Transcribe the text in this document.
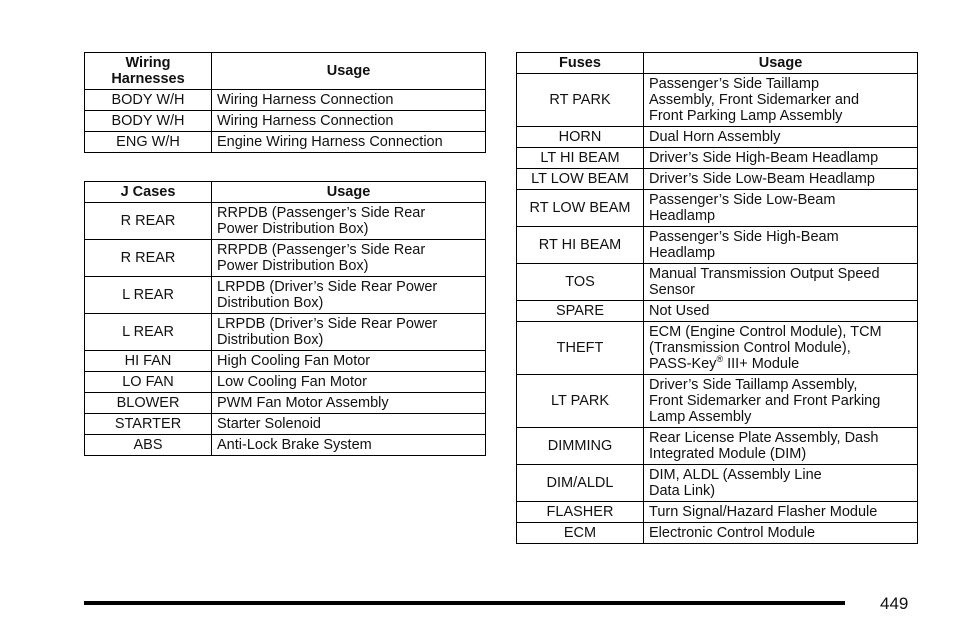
Wiring
Harnesses	Usage
BODY W/H	Wiring Harness Connection
BODY W/H	Wiring Harness Connection
ENG W/H	Engine Wiring Harness Connection
J Cases	Usage
R REAR	RRPDB (Passenger’s Side Rear
Power Distribution Box)
R REAR	RRPDB (Passenger’s Side Rear
Power Distribution Box)
L REAR	LRPDB (Driver’s Side Rear Power
Distribution Box)
L REAR	LRPDB (Driver’s Side Rear Power
Distribution Box)
HI FAN	High Cooling Fan Motor
LO FAN	Low Cooling Fan Motor
BLOWER	PWM Fan Motor Assembly
STARTER	Starter Solenoid
ABS	Anti-Lock Brake System
Fuses	Usage
RT PARK	Passenger’s Side Taillamp
Assembly, Front Sidemarker and
Front Parking Lamp Assembly
HORN	Dual Horn Assembly
LT HI BEAM	Driver’s Side High-Beam Headlamp
LT LOW BEAM	Driver’s Side Low-Beam Headlamp
RT LOW BEAM	Passenger’s Side Low-Beam
Headlamp
RT HI BEAM	Passenger’s Side High-Beam
Headlamp
TOS	Manual Transmission Output Speed
Sensor
SPARE	Not Used
THEFT	ECM (Engine Control Module), TCM
(Transmission Control Module),
PASS-Key® III+ Module
LT PARK	Driver’s Side Taillamp Assembly,
Front Sidemarker and Front Parking
Lamp Assembly
DIMMING	Rear License Plate Assembly, Dash
Integrated Module (DIM)
DIM/ALDL	DIM, ALDL (Assembly Line
Data Link)
FLASHER	Turn Signal/Hazard Flasher Module
ECM	Electronic Control Module
449
